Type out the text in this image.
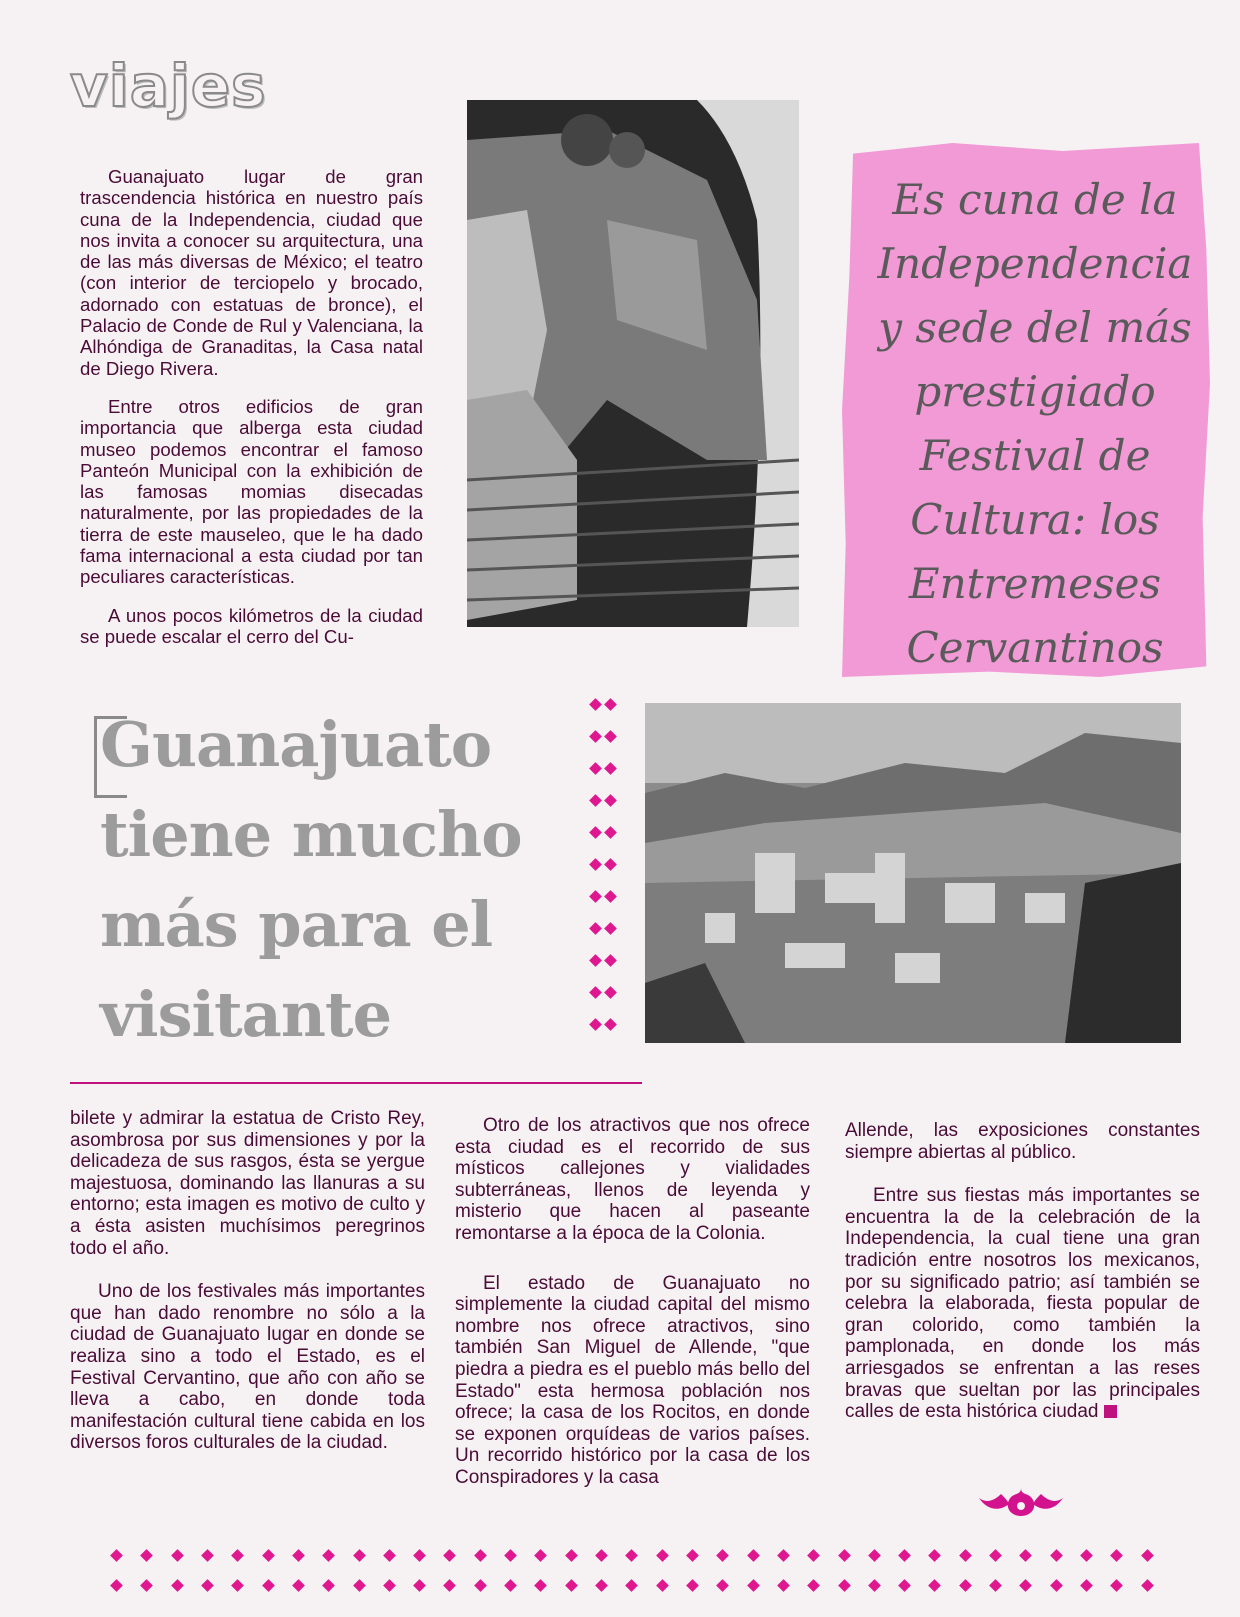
viajes

Guanajuato lugar de gran trascendencia histórica en nuestro país cuna de la Independencia, ciudad que nos invita a conocer su arquitectura, una de las más diversas de México; el teatro (con interior de terciopelo y brocado, adornado con estatuas de bronce), el Palacio de Conde de Rul y Valenciana, la Alhóndiga de Granaditas, la Casa natal de Diego Rivera.

Entre otros edificios de gran importancia que alberga esta ciudad museo podemos encontrar el famoso Panteón Municipal con la exhibición de las famosas momias disecadas naturalmente, por las propiedades de la tierra de este mauseleo, que le ha dado fama internacional a esta ciudad por tan peculiares características.

A unos pocos kilómetros de la ciudad se puede escalar el cerro del Cu-

Es cuna de la
Independencia
y sede del más
prestigiado
Festival de
Cultura: los
Entremeses
Cervantinos
Guanajuato
tiene mucho
más para el
visitante

bilete y admirar la estatua de Cristo Rey, asombrosa por sus dimensiones y por la delicadeza de sus rasgos, ésta se yergue majestuosa, dominando las llanuras a su entorno; esta imagen es motivo de culto y a ésta asisten muchísimos peregrinos todo el año.

Uno de los festivales más importantes que han dado renombre no sólo a la ciudad de Guanajuato lugar en donde se realiza sino a todo el Estado, es el Festival Cervantino, que año con año se lleva a cabo, en donde toda manifestación cultural tiene cabida en los diversos foros culturales de la ciudad.

Otro de los atractivos que nos ofrece esta ciudad es el recorrido de sus místicos callejones y vialidades subterráneas, llenos de leyenda y misterio que hacen al paseante remontarse a la época de la Colonia.

El estado de Guanajuato no simplemente la ciudad capital del mismo nombre nos ofrece atractivos, sino también San Miguel de Allende, "que piedra a piedra es el pueblo más bello del Estado" esta hermosa población nos ofrece; la casa de los Rocitos, en donde se exponen orquídeas de varios países. Un recorrido histórico por la casa de los Conspiradores y la casa

Allende, las exposiciones constantes siempre abiertas al público.

Entre sus fiestas más importantes se encuentra la de la celebración de la Independencia, la cual tiene una gran tradición entre nosotros los mexicanos, por su significado patrio; así también se celebra la elaborada, fiesta popular de gran colorido, como también la pamplonada, en donde los más arriesgados se enfrentan a las reses bravas que sueltan por las principales calles de esta histórica ciudad
